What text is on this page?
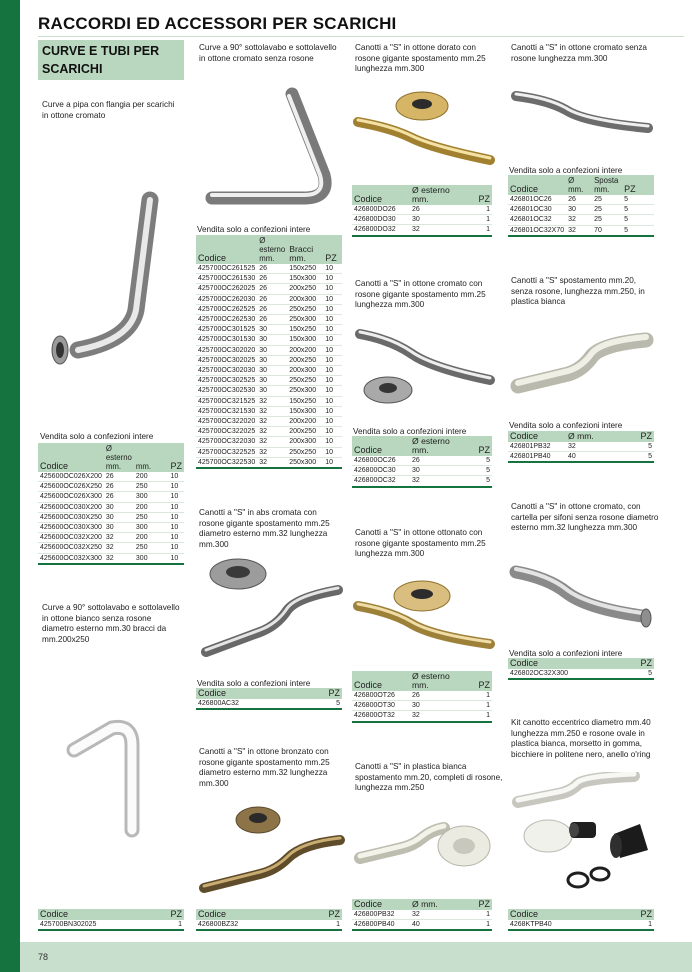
78
RACCORDI ED ACCESSORI PER SCARICHI
CURVE E TUBI PER SCARICHI
Curve a pipa con flangia per scarichi in ottone cromato
Vendita solo a confezioni intere
Codice	Ø esterno mm.	mm.	PZ
425600OC026X200	26	200	10
425600OC026X250	26	250	10
425600OC026X300	26	300	10
425600OC030X200	30	200	10
425600OC030X250	30	250	10
425600OC030X300	30	300	10
425600OC032X200	32	200	10
425600OC032X250	32	250	10
425600OC032X300	32	300	10
Curve a 90° sottolavabo e sottolavello in ottone bianco senza rosone diametro esterno mm.30 bracci da mm.200x250
Codice	PZ
425700BN302025	1
Curve a 90° sottolavabo e sottolavello in ottone cromato senza rosone
Vendita solo a confezioni intere
Codice	Ø esterno mm.	Bracci mm.	PZ
425700OC261525	26	150x250	10
425700OC261530	26	150x300	10
425700OC262025	26	200x250	10
425700OC262030	26	200x300	10
425700OC262525	26	250x250	10
425700OC262530	26	250x300	10
425700OC301525	30	150x250	10
425700OC301530	30	150x300	10
425700OC302020	30	200x200	10
425700OC302025	30	200x250	10
425700OC302030	30	200x300	10
425700OC302525	30	250x250	10
425700OC302530	30	250x300	10
425700OC321525	32	150x250	10
425700OC321530	32	150x300	10
425700OC322020	32	200x200	10
425700OC322025	32	200x250	10
425700OC322030	32	200x300	10
425700OC322525	32	250x250	10
425700OC322530	32	250x300	10
Canotti a "S" in abs cromata con rosone gigante spostamento mm.25 diametro esterno mm.32 lunghezza mm.300
Vendita solo a confezioni intere
Codice	PZ
426800AC32	5
Canotti a "S" in ottone bronzato con rosone gigante spostamento mm.25 diametro esterno mm.32 lunghezza mm.300
Codice	PZ
426800BZ32	1
Canotti a "S" in ottone dorato con rosone gigante spostamento mm.25 lunghezza mm.300
Codice	Ø esterno mm.	PZ
426800DO26	26	1
426800DO30	30	1
426800DO32	32	1
Canotti a "S" in ottone cromato con rosone gigante spostamento mm.25 lunghezza mm.300
Vendita solo a confezioni intere
Codice	Ø esterno mm.	PZ
426800OC26	26	5
426800OC30	30	5
426800OC32	32	5
Canotti a "S" in ottone ottonato con rosone gigante spostamento mm.25 lunghezza mm.300
Codice	Ø esterno mm.	PZ
426800OT26	26	1
426800OT30	30	1
426800OT32	32	1
Canotti a "S" in plastica bianca spostamento mm.20, completi di rosone, lunghezza mm.250
Codice	Ø mm.	PZ
426800PB32	32	1
426800PB40	40	1
Canotti a "S" in ottone cromato senza rosone lunghezza mm.300
Vendita solo a confezioni intere
Codice	Ø mm.	Sposta mm.	PZ
426801OC26	26	25	5
426801OC30	30	25	5
426801OC32	32	25	5
426801OC32X70	32	70	5
Canotti a "S" spostamento mm.20, senza rosone, lunghezza mm.250, in plastica bianca
Vendita solo a confezioni intere
Codice	Ø mm.	PZ
426801PB32	32	5
426801PB40	40	5
Canotti a "S" in ottone cromato, con cartella per sifoni senza rosone diametro esterno mm.32 lunghezza mm.300
Vendita solo a confezioni intere
Codice	PZ
426802OC32X300	5
Kit canotto eccentrico diametro mm.40 lunghezza mm.250 e rosone ovale in plastica bianca, morsetto in gomma, bicchiere in politene nero, anello o'ring
Codice	PZ
4268KTPB40	1
